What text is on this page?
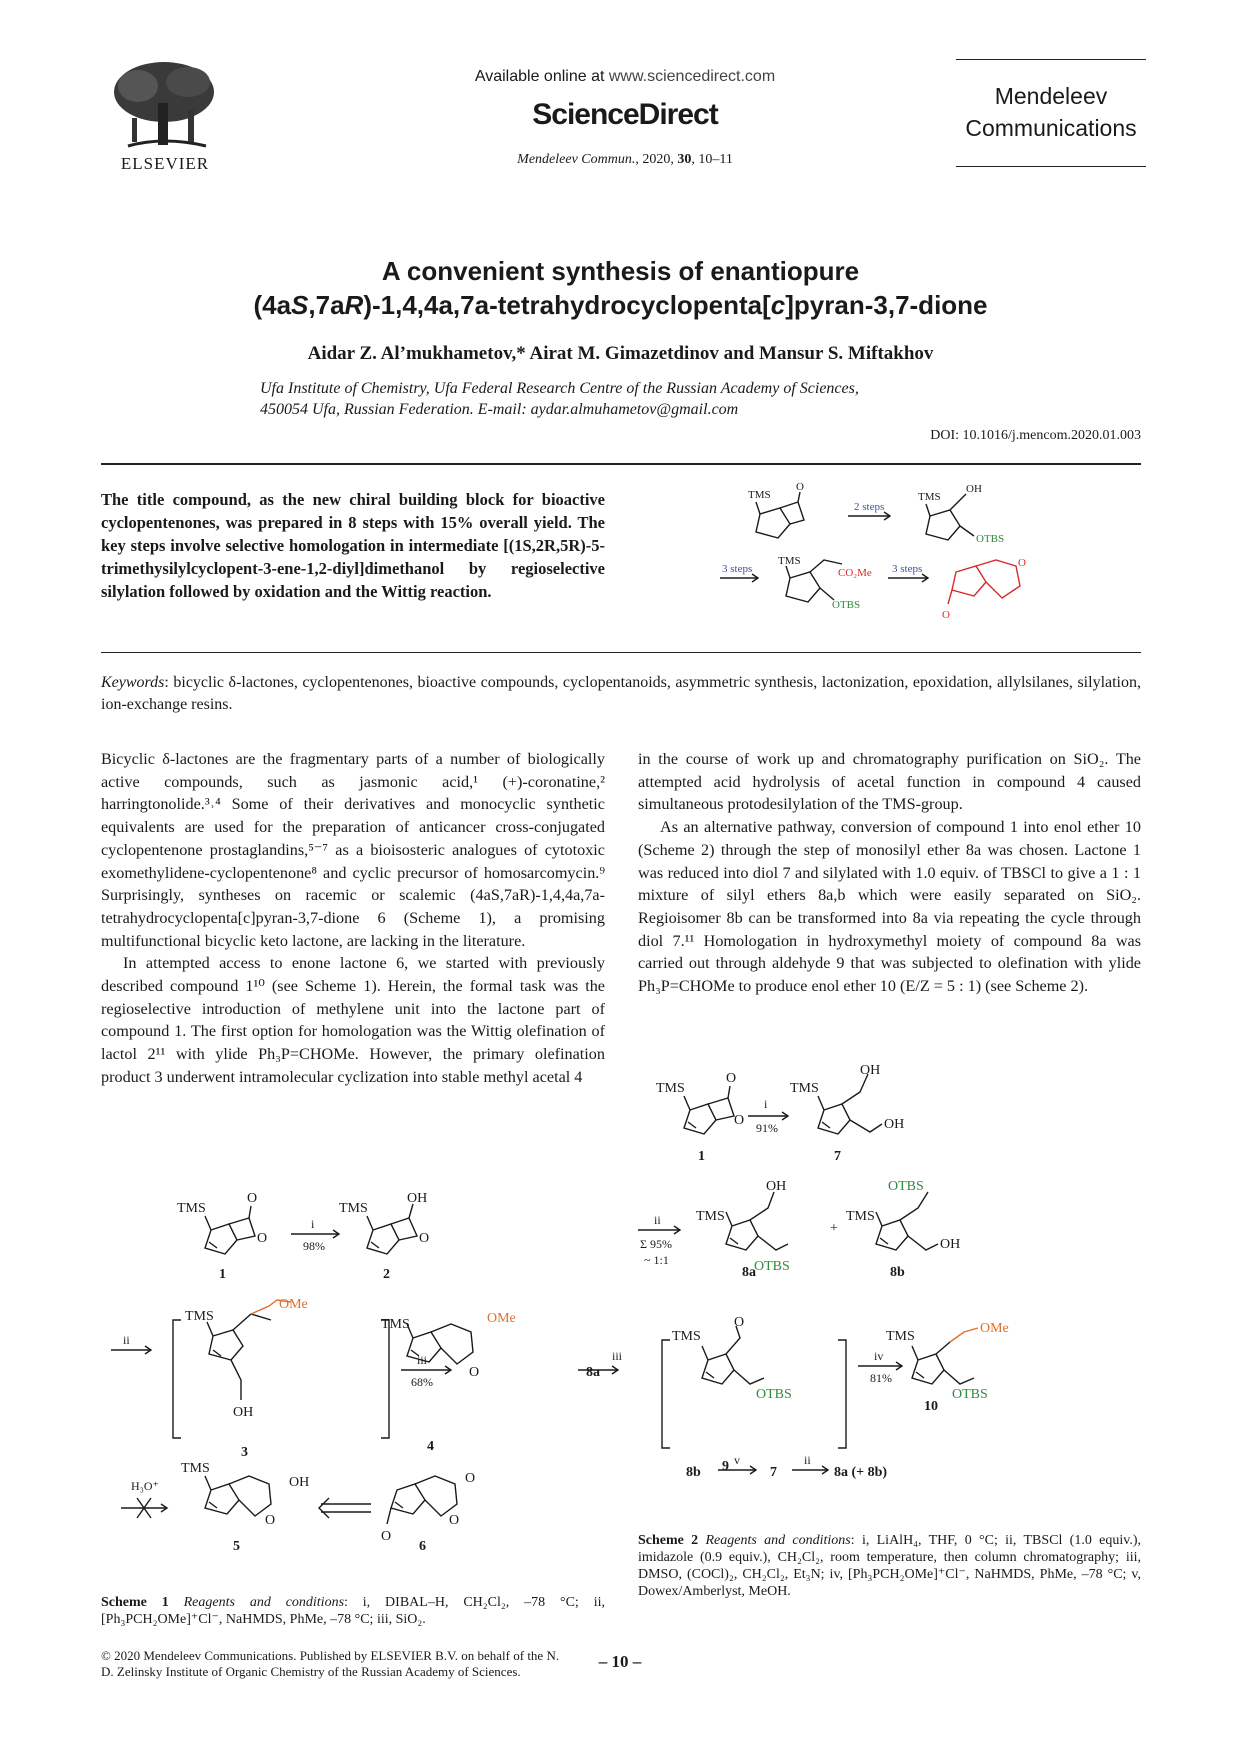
ELSEVIER
Available online at www.sciencedirect.com
ScienceDirect
Mendeleev Commun., 2020, 30, 10–11
Mendeleev
Communications
A convenient synthesis of enantiopure
(4aS,7aR)-1,4,4a,7a-tetrahydrocyclopenta[c]pyran-3,7-dione
Aidar Z. Al’mukhametov,* Airat M. Gimazetdinov and Mansur S. Miftakhov
Ufa Institute of Chemistry, Ufa Federal Research Centre of the Russian Academy of Sciences,
450054 Ufa, Russian Federation. E-mail: aydar.almuhametov@gmail.com
DOI: 10.1016/j.mencom.2020.01.003
The title compound, as the new chiral building block for bioactive cyclopentenones, was prepared in 8 steps with 15% overall yield. The key steps involve selective homologation in intermediate [(1S,2R,5R)-5-trimethysilylcyclopent-3-ene-1,2-diyl]dimethanol by regioselective silylation followed by oxidation and the Wittig reaction.
TMS
O
TMS
OH
TMS
2 steps
3 steps	3 steps
OTBS
OTBS
CO₂Me
O
O
Keywords: bicyclic δ-lactones, cyclopentenones, bioactive compounds, cyclopentanoids, asymmetric synthesis, lactonization, epoxidation, allylsilanes, silylation, ion-exchange resins.

Bicyclic δ-lactones are the fragmentary parts of a number of biologically active compounds, such as jasmonic acid,¹ (+)-coronatine,² harringtonolide.³˒⁴ Some of their derivatives and monocyclic synthetic equivalents are used for the preparation of anticancer cross-conjugated cyclopentenone prostaglandins,⁵⁻⁷ as a bioisosteric analogues of cytotoxic exomethylidene-cyclopentenone⁸ and cyclic precursor of homosarcomycin.⁹ Surprisingly, syntheses on racemic or scalemic (4aS,7aR)-1,4,4a,7a-tetrahydrocyclopenta[c]pyran-3,7-dione 6 (Scheme 1), a promising multifunctional bicyclic keto lactone, are lacking in the literature.

In attempted access to enone lactone 6, we started with previously described compound 1¹⁰ (see Scheme 1). Herein, the formal task was the regioselective introduction of methylene unit into the lactone part of compound 1. The first option for homologation was the Wittig olefination of lactol 2¹¹ with ylide Ph₃P=CHOMe. However, the primary olefination product 3 underwent intramolecular cyclization into stable methyl acetal 4

in the course of work up and chromatography purification on SiO₂. The attempted acid hydrolysis of acetal function in compound 4 caused simultaneous protodesilylation of the TMS-group.

As an alternative pathway, conversion of compound 1 into enol ether 10 (Scheme 2) through the step of monosilyl ether 8a was chosen. Lactone 1 was reduced into diol 7 and silylated with 1.0 equiv. of TBSCl to give a 1 : 1 mixture of silyl ethers 8a,b which were easily separated on SiO₂. Regioisomer 8b can be transformed into 8a via repeating the cycle through diol 7.¹¹ Homologation in hydroxymethyl moiety of compound 8a was carried out through aldehyde 9 that was subjected to olefination with ylide Ph₃P=CHOMe to produce enol ether 10 (E/Z = 5 : 1) (see Scheme 2).

TMS
O
O
1
i
98%
TMS
OH
O
2
ii
TMS
OH
3
iii
68%
TMS
O
4
H₃O⁺
TMS
OH
O
5
O
O
O
6
OMe
OMe
Scheme 1 Reagents and conditions: i, DIBAL–H, CH₂Cl₂, –78 °C; ii, [Ph₃PCH₂OMe]⁺Cl⁻, NaHMDS, PhMe, –78 °C; iii, SiO₂.
TMS
O
O
1
i
91%
TMS
OH
OH
7
ii
Σ 95%
~ 1:1
TMS
OH
8a
+
TMS
OH
8b
8a
iii
TMS
O
9
iv
81%
TMS
10
8b
v
7
ii
8a (+ 8b)
OTBS
OTBS
OTBS	OTBS
OMe
Scheme 2 Reagents and conditions: i, LiAlH₄, THF, 0 °C; ii, TBSCl (1.0 equiv.), imidazole (0.9 equiv.), CH₂Cl₂, room temperature, then column chromatography; iii, DMSO, (COCl)₂, CH₂Cl₂, Et₃N; iv, [Ph₃PCH₂OMe]⁺Cl⁻, NaHMDS, PhMe, –78 °C; v, Dowex/Amberlyst, MeOH.
© 2020 Mendeleev Communications. Published by ELSEVIER B.V. on behalf of the N. D. Zelinsky Institute of Organic Chemistry of the Russian Academy of Sciences.
– 10 –
